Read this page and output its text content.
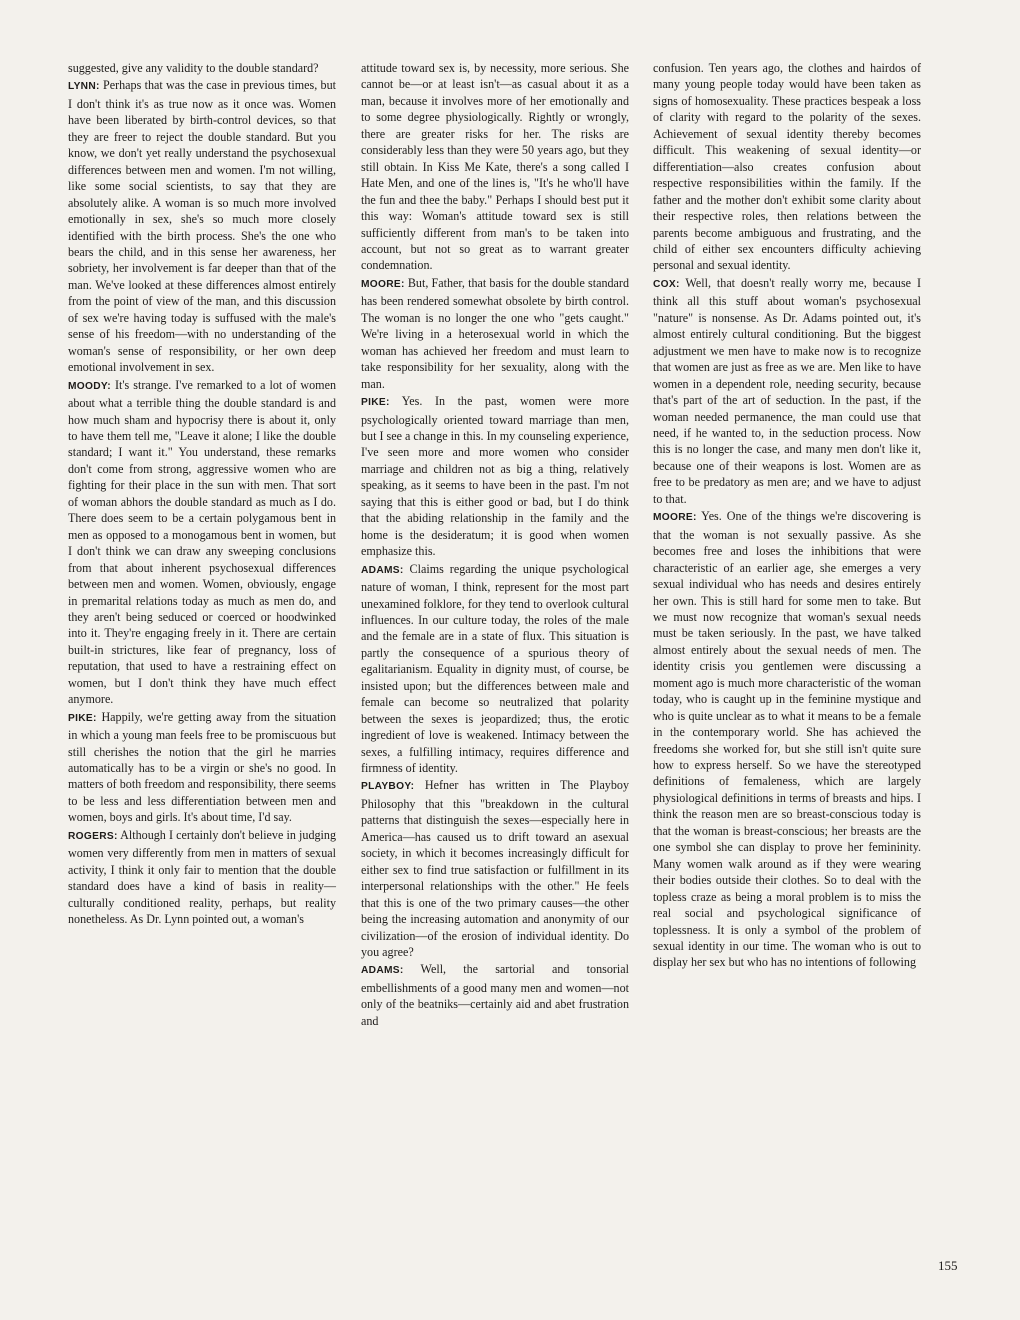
suggested, give any validity to the double standard?

LYNN: Perhaps that was the case in previous times, but I don't think it's as true now as it once was. Women have been liberated by birth-control devices, so that they are freer to reject the double standard. But you know, we don't yet really understand the psychosexual differences between men and women. I'm not willing, like some social scientists, to say that they are absolutely alike. A woman is so much more involved emotionally in sex, she's so much more closely identified with the birth process. She's the one who bears the child, and in this sense her awareness, her sobriety, her involvement is far deeper than that of the man. We've looked at these differences almost entirely from the point of view of the man, and this discussion of sex we're having today is suffused with the male's sense of his freedom—with no understanding of the woman's sense of responsibility, or her own deep emotional involvement in sex.

MOODY: It's strange. I've remarked to a lot of women about what a terrible thing the double standard is and how much sham and hypocrisy there is about it, only to have them tell me, "Leave it alone; I like the double standard; I want it." You understand, these remarks don't come from strong, aggressive women who are fighting for their place in the sun with men. That sort of woman abhors the double standard as much as I do. There does seem to be a certain polygamous bent in men as opposed to a monogamous bent in women, but I don't think we can draw any sweeping conclusions from that about inherent psychosexual differences between men and women. Women, obviously, engage in premarital relations today as much as men do, and they aren't being seduced or coerced or hoodwinked into it. They're engaging freely in it. There are certain built-in strictures, like fear of pregnancy, loss of reputation, that used to have a restraining effect on women, but I don't think they have much effect anymore.

PIKE: Happily, we're getting away from the situation in which a young man feels free to be promiscuous but still cherishes the notion that the girl he marries automatically has to be a virgin or she's no good. In matters of both freedom and responsibility, there seems to be less and less differentiation between men and women, boys and girls. It's about time, I'd say.

ROGERS: Although I certainly don't believe in judging women very differently from men in matters of sexual activity, I think it only fair to mention that the double standard does have a kind of basis in reality—culturally conditioned reality, perhaps, but reality nonetheless. As Dr. Lynn pointed out, a woman's

attitude toward sex is, by necessity, more serious. She cannot be—or at least isn't—as casual about it as a man, because it involves more of her emotionally and to some degree physiologically. Rightly or wrongly, there are greater risks for her. The risks are considerably less than they were 50 years ago, but they still obtain. In Kiss Me Kate, there's a song called I Hate Men, and one of the lines is, "It's he who'll have the fun and thee the baby." Perhaps I should best put it this way: Woman's attitude toward sex is still sufficiently different from man's to be taken into account, but not so great as to warrant greater condemnation.

MOORE: But, Father, that basis for the double standard has been rendered somewhat obsolete by birth control. The woman is no longer the one who "gets caught." We're living in a heterosexual world in which the woman has achieved her freedom and must learn to take responsibility for her sexuality, along with the man.

PIKE: Yes. In the past, women were more psychologically oriented toward marriage than men, but I see a change in this. In my counseling experience, I've seen more and more women who consider marriage and children not as big a thing, relatively speaking, as it seems to have been in the past. I'm not saying that this is either good or bad, but I do think that the abiding relationship in the family and the home is the desideratum; it is good when women emphasize this.

ADAMS: Claims regarding the unique psychological nature of woman, I think, represent for the most part unexamined folklore, for they tend to overlook cultural influences. In our culture today, the roles of the male and the female are in a state of flux. This situation is partly the consequence of a spurious theory of egalitarianism. Equality in dignity must, of course, be insisted upon; but the differences between male and female can become so neutralized that polarity between the sexes is jeopardized; thus, the erotic ingredient of love is weakened. Intimacy between the sexes, a fulfilling intimacy, requires difference and firmness of identity.

PLAYBOY: Hefner has written in The Playboy Philosophy that this "breakdown in the cultural patterns that distinguish the sexes—especially here in America—has caused us to drift toward an asexual society, in which it becomes increasingly difficult for either sex to find true satisfaction or fulfillment in its interpersonal relationships with the other." He feels that this is one of the two primary causes—the other being the increasing automation and anonymity of our civilization—of the erosion of individual identity. Do you agree?

ADAMS: Well, the sartorial and tonsorial embellishments of a good many men and women—not only of the beatniks—certainly aid and abet frustration and

confusion. Ten years ago, the clothes and hairdos of many young people today would have been taken as signs of homosexuality. These practices bespeak a loss of clarity with regard to the polarity of the sexes. Achievement of sexual identity thereby becomes difficult. This weakening of sexual identity—or differentiation—also creates confusion about respective responsibilities within the family. If the father and the mother don't exhibit some clarity about their respective roles, then relations between the parents become ambiguous and frustrating, and the child of either sex encounters difficulty achieving personal and sexual identity.

COX: Well, that doesn't really worry me, because I think all this stuff about woman's psychosexual "nature" is nonsense. As Dr. Adams pointed out, it's almost entirely cultural conditioning. But the biggest adjustment we men have to make now is to recognize that women are just as free as we are. Men like to have women in a dependent role, needing security, because that's part of the art of seduction. In the past, if the woman needed permanence, the man could use that need, if he wanted to, in the seduction process. Now this is no longer the case, and many men don't like it, because one of their weapons is lost. Women are as free to be predatory as men are; and we have to adjust to that.

MOORE: Yes. One of the things we're discovering is that the woman is not sexually passive. As she becomes free and loses the inhibitions that were characteristic of an earlier age, she emerges a very sexual individual who has needs and desires entirely her own. This is still hard for some men to take. But we must now recognize that woman's sexual needs must be taken seriously. In the past, we have talked almost entirely about the sexual needs of men. The identity crisis you gentlemen were discussing a moment ago is much more characteristic of the woman today, who is caught up in the feminine mystique and who is quite unclear as to what it means to be a female in the contemporary world. She has achieved the freedoms she worked for, but she still isn't quite sure how to express herself. So we have the stereotyped definitions of femaleness, which are largely physiological definitions in terms of breasts and hips. I think the reason men are so breast-conscious today is that the woman is breast-conscious; her breasts are the one symbol she can display to prove her femininity. Many women walk around as if they were wearing their bodies outside their clothes. So to deal with the topless craze as being a moral problem is to miss the real social and psychological significance of toplessness. It is only a symbol of the problem of sexual identity in our time. The woman who is out to display her sex but who has no intentions of following

155
